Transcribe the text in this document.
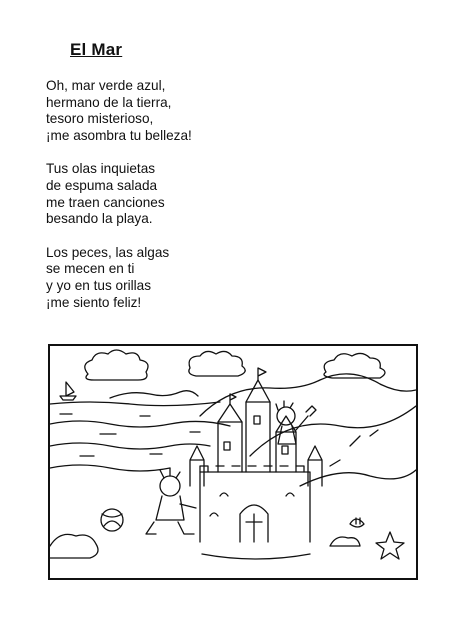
El Mar
Oh, mar verde azul,
hermano de la tierra,
tesoro misterioso,
¡me asombra tu belleza!
Tus olas inquietas
de espuma salada
me traen canciones
besando la playa.
Los peces, las algas
se mecen en ti
y yo en tus orillas
¡me siento feliz!
